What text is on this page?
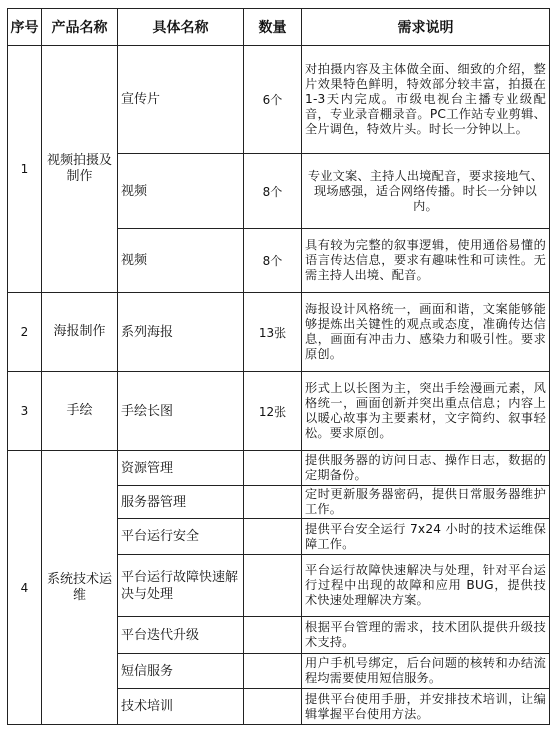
序号	产品名称	具体名称	数量	需求说明
1	视频拍摄及制作	宣传片	6个	对拍摄内容及主体做全面、细致的介绍，整片效果特色鲜明，特效部分较丰富，拍摄在1-3天内完成。市级电视台主播专业级配音，专业录音棚录音。PC工作站专业剪辑、全片调色，特效片头。时长一分钟以上。
		视频	8个	专业文案、主持人出境配音，要求接地气、现场感强，适合网络传播。时长一分钟以内。
		视频	8个	具有较为完整的叙事逻辑，使用通俗易懂的语言传达信息，要求有趣味性和可读性。无需主持人出境、配音。
2	海报制作	系列海报	13张	海报设计风格统一，画面和谐，文案能够能够提炼出关键性的观点或态度，准确传达信息，画面有冲击力、感染力和吸引性。要求原创。
3	手绘	手绘长图	12张	形式上以长图为主，突出手绘漫画元素，风格统一，画面创新并突出重点信息；内容上以暖心故事为主要素材，文字简约、叙事轻松。要求原创。
4	系统技术运维	资源管理		提供服务器的访问日志、操作日志，数据的定期备份。
		服务器管理		定时更新服务器密码，提供日常服务器维护工作。
		平台运行安全		提供平台安全运行 7x24 小时的技术运维保障工作。
		平台运行故障快速解决与处理		平台运行故障快速解决与处理，针对平台运行过程中出现的故障和应用 BUG，提供技术快速处理解决方案。
		平台迭代升级		根据平台管理的需求，技术团队提供升级技术支持。
		短信服务		用户手机号绑定，后台问题的核转和办结流程均需要使用短信服务。
		技术培训		提供平台使用手册，并安排技术培训，让编辑掌握平台使用方法。
